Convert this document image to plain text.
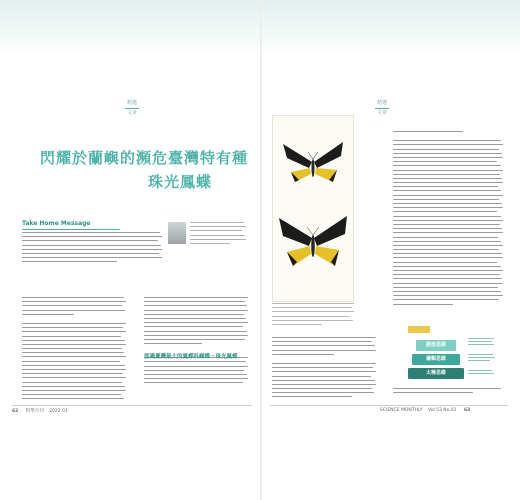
精選
文章
閃耀於蘭嶼的瀕危臺灣特有種
珠光鳳蝶
Take Home Message
認識臺灣最大的鳳蝶科蝴蝶－珠光鳳蝶
62 科學月刊 2022.01
精選
文章
創造思維
邏輯思維
太極思維
SCIENCE MONTHLY Vol.53 No.01 63
